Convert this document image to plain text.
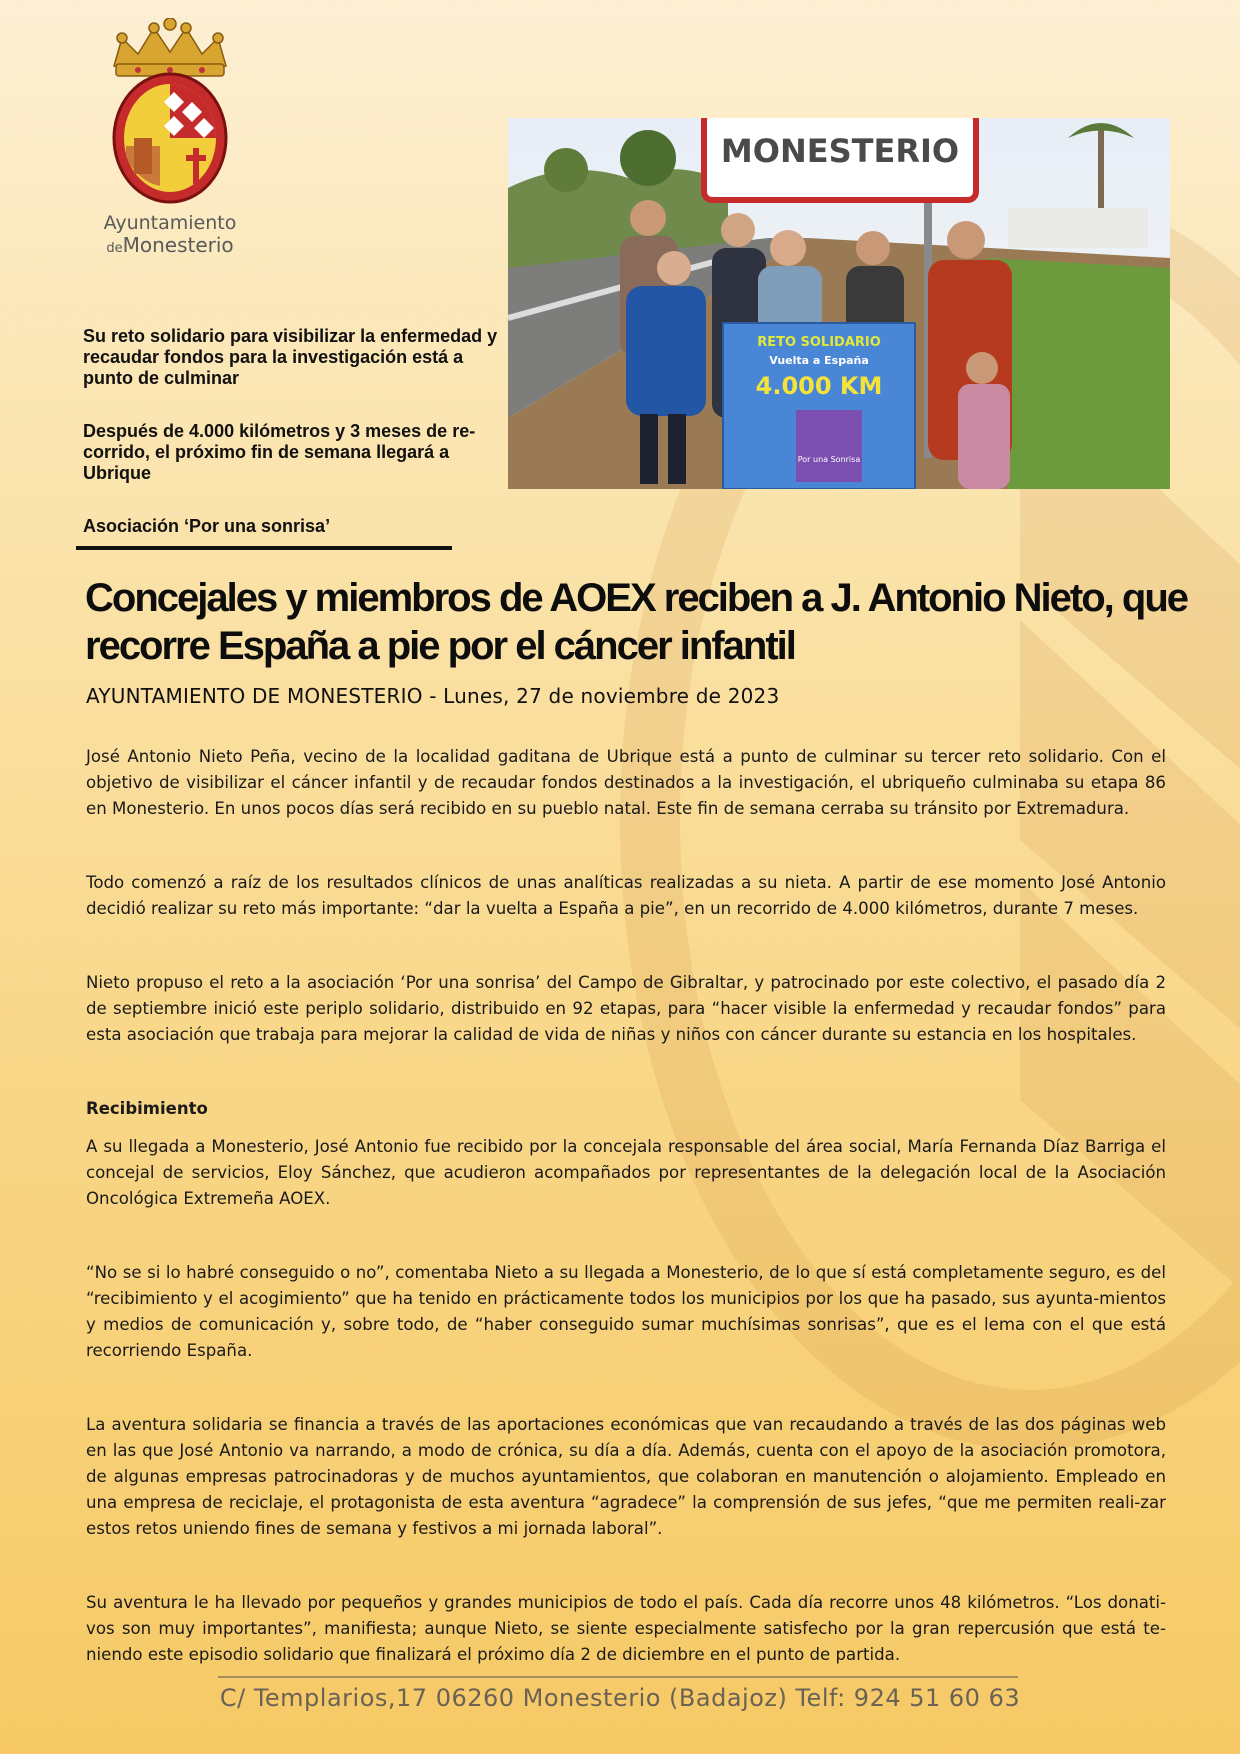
Ayuntamiento
deMonesterio
MONESTERIO
RETO SOLIDARIO
Vuelta a España
4.000 KM
Por una Sonrisa

Su reto solidario para visibilizar la enfermedad y recaudar fondos para la investigación está a punto de culminar

Después de 4.000 kilómetros y 3 meses de re-corrido, el próximo fin de semana llegará a Ubrique

Asociación ‘Por una sonrisa’
Concejales y miembros de AOEX reciben a J. Antonio Nieto, que recorre España a pie por el cáncer infantil
AYUNTAMIENTO DE MONESTERIO - Lunes, 27 de noviembre de 2023

José Antonio Nieto Peña, vecino de la localidad gaditana de Ubrique está a punto de culminar su tercer reto solidario. Con el objetivo de visibilizar el cáncer infantil y de recaudar fondos destinados a la investigación, el ubriqueño culminaba su etapa 86 en Monesterio. En unos pocos días será recibido en su pueblo natal. Este fin de semana cerraba su tránsito por Extremadura.

Todo comenzó a raíz de los resultados clínicos de unas analíticas realizadas a su nieta. A partir de ese momento José Antonio decidió realizar su reto más importante: “dar la vuelta a España a pie”, en un recorrido de 4.000 kilómetros, durante 7 meses.

Nieto propuso el reto a la asociación ‘Por una sonrisa’ del Campo de Gibraltar, y patrocinado por este colectivo, el pasado día 2 de septiembre inició este periplo solidario, distribuido en 92 etapas, para “hacer visible la enfermedad y recaudar fondos” para esta asociación que trabaja para mejorar la calidad de vida de niñas y niños con cáncer durante su estancia en los hospitales.

Recibimiento

A su llegada a Monesterio, José Antonio fue recibido por la concejala responsable del área social, María Fernanda Díaz Barriga el concejal de servicios, Eloy Sánchez, que acudieron acompañados por representantes de la delegación local de la Asociación Oncológica Extremeña AOEX.

“No se si lo habré conseguido o no”, comentaba Nieto a su llegada a Monesterio, de lo que sí está completamente seguro, es del “recibimiento y el acogimiento” que ha tenido en prácticamente todos los municipios por los que ha pasado, sus ayunta-mientos y medios de comunicación y, sobre todo, de “haber conseguido sumar muchísimas sonrisas”, que es el lema con el que está recorriendo España.

La aventura solidaria se financia a través de las aportaciones económicas que van recaudando a través de las dos páginas web en las que José Antonio va narrando, a modo de crónica, su día a día. Además, cuenta con el apoyo de la asociación promotora, de algunas empresas patrocinadoras y de muchos ayuntamientos, que colaboran en manutención o alojamiento. Empleado en una empresa de reciclaje, el protagonista de esta aventura “agradece” la comprensión de sus jefes, “que me permiten reali-zar estos retos uniendo fines de semana y festivos a mi jornada laboral”.

Su aventura le ha llevado por pequeños y grandes municipios de todo el país. Cada día recorre unos 48 kilómetros. “Los donati-vos son muy importantes”, manifiesta; aunque Nieto, se siente especialmente satisfecho por la gran repercusión que está te-niendo este episodio solidario que finalizará el próximo día 2 de diciembre en el punto de partida.

C/ Templarios,17 06260 Monesterio (Badajoz) Telf: 924 51 60 63
